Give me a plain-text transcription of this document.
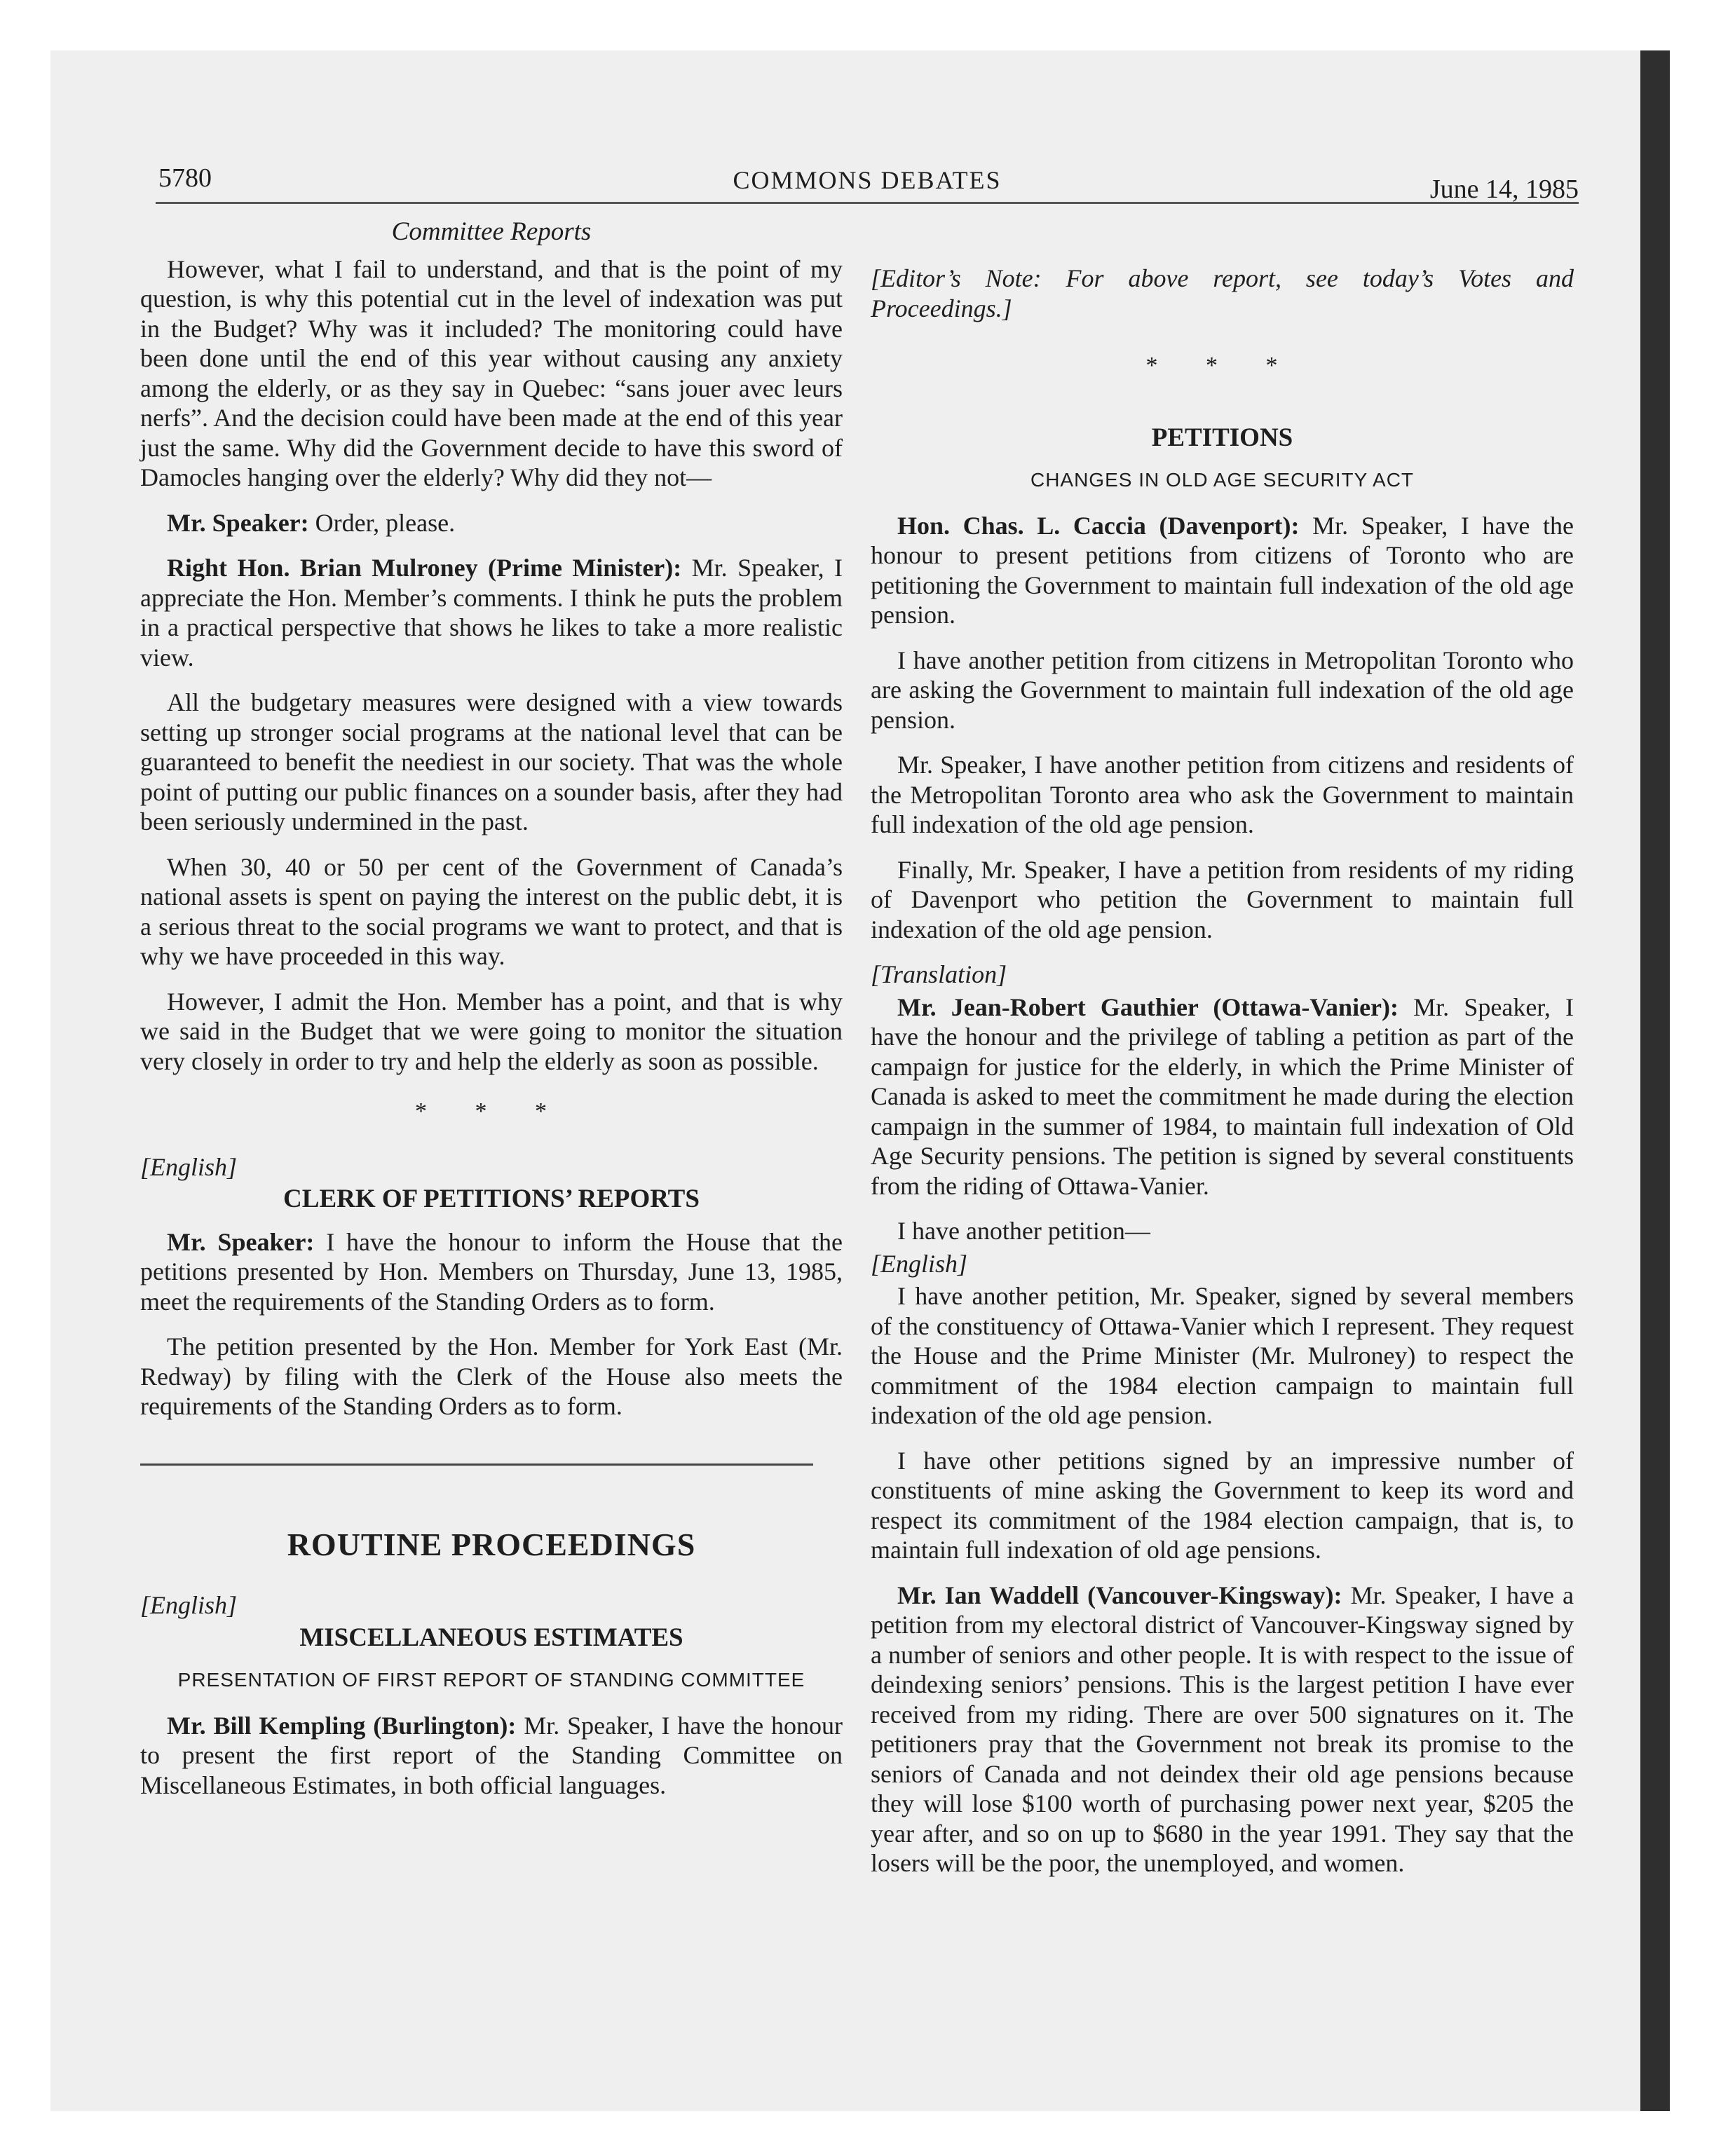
5780	COMMONS DEBATES	June 14, 1985
Committee Reports

However, what I fail to understand, and that is the point of my question, is why this potential cut in the level of indexation was put in the Budget? Why was it included? The monitoring could have been done until the end of this year without causing any anxiety among the elderly, or as they say in Quebec: “sans jouer avec leurs nerfs”. And the decision could have been made at the end of this year just the same. Why did the Government decide to have this sword of Damocles hanging over the elderly? Why did they not—

Mr. Speaker: Order, please.

Right Hon. Brian Mulroney (Prime Minister): Mr. Speaker, I appreciate the Hon. Member’s comments. I think he puts the problem in a practical perspective that shows he likes to take a more realistic view.

All the budgetary measures were designed with a view towards setting up stronger social programs at the national level that can be guaranteed to benefit the neediest in our society. That was the whole point of putting our public finances on a sounder basis, after they had been seriously undermined in the past.

When 30, 40 or 50 per cent of the Government of Canada’s national assets is spent on paying the interest on the public debt, it is a serious threat to the social programs we want to protect, and that is why we have proceeded in this way.

However, I admit the Hon. Member has a point, and that is why we said in the Budget that we were going to monitor the situation very closely in order to try and help the elderly as soon as possible.

* * *
[English]
CLERK OF PETITIONS’ REPORTS

Mr. Speaker: I have the honour to inform the House that the petitions presented by Hon. Members on Thursday, June 13, 1985, meet the requirements of the Standing Orders as to form.

The petition presented by the Hon. Member for York East (Mr. Redway) by filing with the Clerk of the House also meets the requirements of the Standing Orders as to form.

ROUTINE PROCEEDINGS
[English]
MISCELLANEOUS ESTIMATES
PRESENTATION OF FIRST REPORT OF STANDING COMMITTEE

Mr. Bill Kempling (Burlington): Mr. Speaker, I have the honour to present the first report of the Standing Committee on Miscellaneous Estimates, in both official languages.

[Editor’s Note: For above report, see today’s Votes and Proceedings.]

* * *
PETITIONS
CHANGES IN OLD AGE SECURITY ACT

Hon. Chas. L. Caccia (Davenport): Mr. Speaker, I have the honour to present petitions from citizens of Toronto who are petitioning the Government to maintain full indexation of the old age pension.

I have another petition from citizens in Metropolitan Toronto who are asking the Government to maintain full indexation of the old age pension.

Mr. Speaker, I have another petition from citizens and residents of the Metropolitan Toronto area who ask the Government to maintain full indexation of the old age pension.

Finally, Mr. Speaker, I have a petition from residents of my riding of Davenport who petition the Government to maintain full indexation of the old age pension.

[Translation]

Mr. Jean-Robert Gauthier (Ottawa-Vanier): Mr. Speaker, I have the honour and the privilege of tabling a petition as part of the campaign for justice for the elderly, in which the Prime Minister of Canada is asked to meet the commitment he made during the election campaign in the summer of 1984, to maintain full indexation of Old Age Security pensions. The petition is signed by several constituents from the riding of Ottawa-Vanier.

I have another petition—

[English]

I have another petition, Mr. Speaker, signed by several members of the constituency of Ottawa-Vanier which I represent. They request the House and the Prime Minister (Mr. Mulroney) to respect the commitment of the 1984 election campaign to maintain full indexation of the old age pension.

I have other petitions signed by an impressive number of constituents of mine asking the Government to keep its word and respect its commitment of the 1984 election campaign, that is, to maintain full indexation of old age pensions.

Mr. Ian Waddell (Vancouver-Kingsway): Mr. Speaker, I have a petition from my electoral district of Vancouver-Kingsway signed by a number of seniors and other people. It is with respect to the issue of deindexing seniors’ pensions. This is the largest petition I have ever received from my riding. There are over 500 signatures on it. The petitioners pray that the Government not break its promise to the seniors of Canada and not deindex their old age pensions because they will lose $100 worth of purchasing power next year, $205 the year after, and so on up to $680 in the year 1991. They say that the losers will be the poor, the unemployed, and women.
